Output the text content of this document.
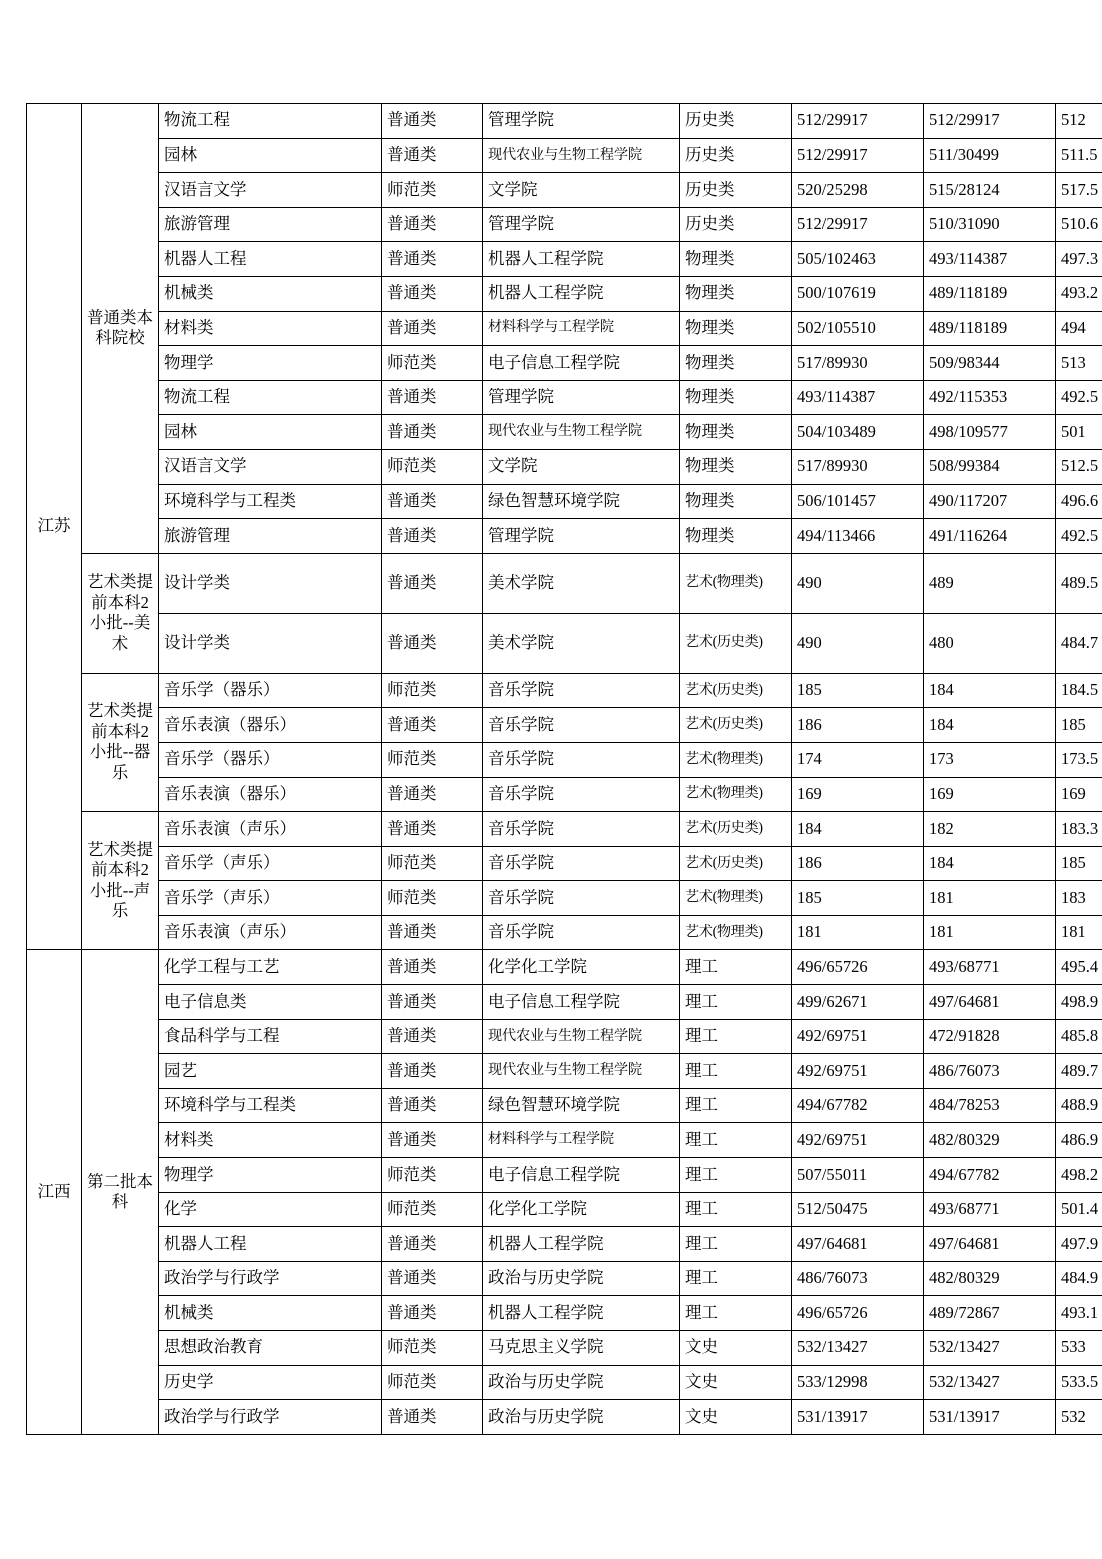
江苏	普通类本科院校	物流工程	普通类	管理学院	历史类	512/29917	512/29917	512
		园林	普通类	现代农业与生物工程学院	历史类	512/29917	511/30499	511.5
		汉语言文学	师范类	文学院	历史类	520/25298	515/28124	517.5
		旅游管理	普通类	管理学院	历史类	512/29917	510/31090	510.6
		机器人工程	普通类	机器人工程学院	物理类	505/102463	493/114387	497.3
		机械类	普通类	机器人工程学院	物理类	500/107619	489/118189	493.2
		材料类	普通类	材料科学与工程学院	物理类	502/105510	489/118189	494
		物理学	师范类	电子信息工程学院	物理类	517/89930	509/98344	513
		物流工程	普通类	管理学院	物理类	493/114387	492/115353	492.5
		园林	普通类	现代农业与生物工程学院	物理类	504/103489	498/109577	501
		汉语言文学	师范类	文学院	物理类	517/89930	508/99384	512.5
		环境科学与工程类	普通类	绿色智慧环境学院	物理类	506/101457	490/117207	496.6
		旅游管理	普通类	管理学院	物理类	494/113466	491/116264	492.5
	艺术类提前本科2小批--美术	设计学类	普通类	美术学院	艺术(物理类)	490	489	489.5
		设计学类	普通类	美术学院	艺术(历史类)	490	480	484.7
	艺术类提前本科2小批--器乐	音乐学（器乐）	师范类	音乐学院	艺术(历史类)	185	184	184.5
		音乐表演（器乐）	普通类	音乐学院	艺术(历史类)	186	184	185
		音乐学（器乐）	师范类	音乐学院	艺术(物理类)	174	173	173.5
		音乐表演（器乐）	普通类	音乐学院	艺术(物理类)	169	169	169
	艺术类提前本科2小批--声乐	音乐表演（声乐）	普通类	音乐学院	艺术(历史类)	184	182	183.3
		音乐学（声乐）	师范类	音乐学院	艺术(历史类)	186	184	185
		音乐学（声乐）	师范类	音乐学院	艺术(物理类)	185	181	183
		音乐表演（声乐）	普通类	音乐学院	艺术(物理类)	181	181	181
江西	第二批本科	化学工程与工艺	普通类	化学化工学院	理工	496/65726	493/68771	495.4
		电子信息类	普通类	电子信息工程学院	理工	499/62671	497/64681	498.9
		食品科学与工程	普通类	现代农业与生物工程学院	理工	492/69751	472/91828	485.8
		园艺	普通类	现代农业与生物工程学院	理工	492/69751	486/76073	489.7
		环境科学与工程类	普通类	绿色智慧环境学院	理工	494/67782	484/78253	488.9
		材料类	普通类	材料科学与工程学院	理工	492/69751	482/80329	486.9
		物理学	师范类	电子信息工程学院	理工	507/55011	494/67782	498.2
		化学	师范类	化学化工学院	理工	512/50475	493/68771	501.4
		机器人工程	普通类	机器人工程学院	理工	497/64681	497/64681	497.9
		政治学与行政学	普通类	政治与历史学院	理工	486/76073	482/80329	484.9
		机械类	普通类	机器人工程学院	理工	496/65726	489/72867	493.1
		思想政治教育	师范类	马克思主义学院	文史	532/13427	532/13427	533
		历史学	师范类	政治与历史学院	文史	533/12998	532/13427	533.5
		政治学与行政学	普通类	政治与历史学院	文史	531/13917	531/13917	532
